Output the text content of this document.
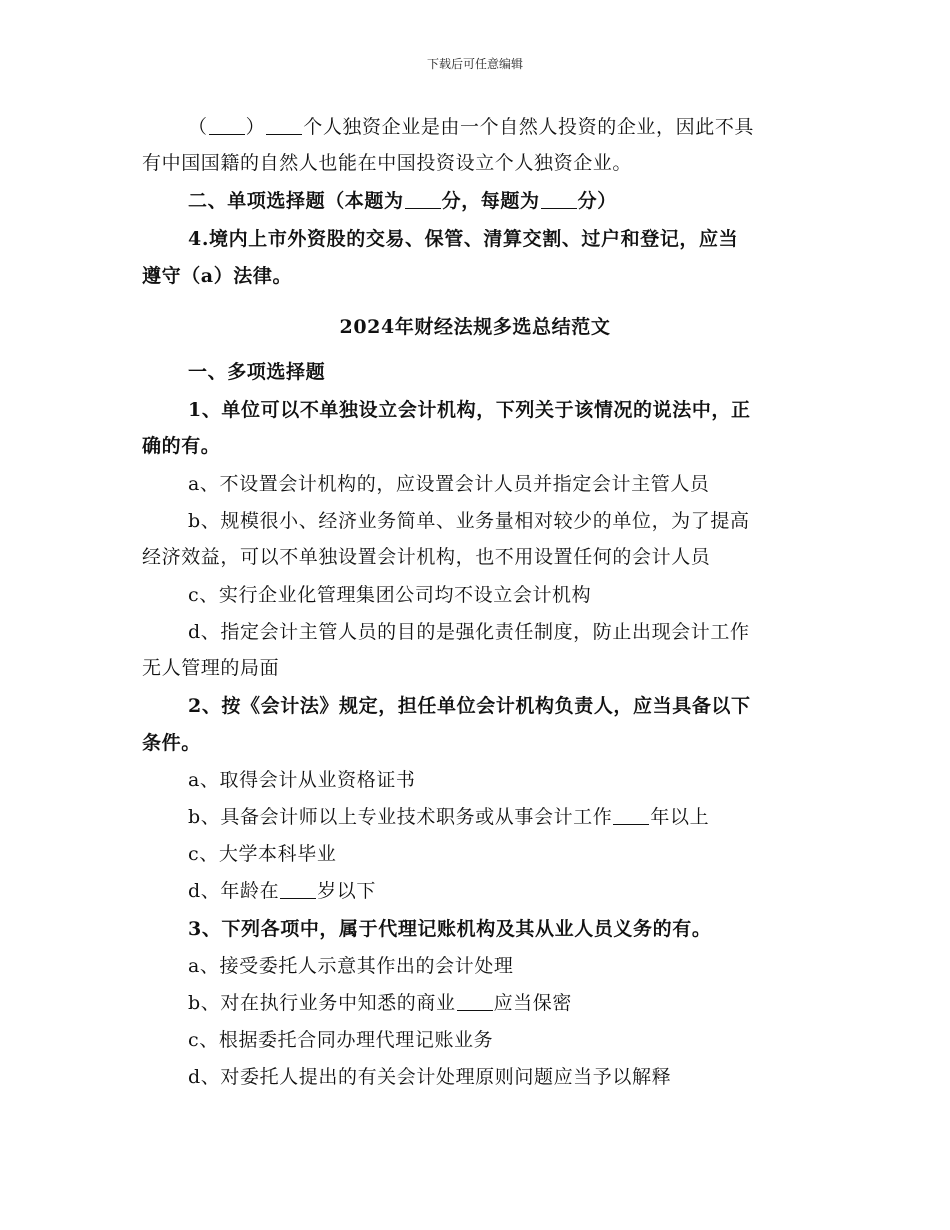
下载后可任意编辑
（ ） 个人独资企业是由一个自然人投资的企业，因此不具
有中国国籍的自然人也能在中国投资设立个人独资企业。
二、单项选择题（本题为 分，每题为 分）
4.境内上市外资股的交易、保管、清算交割、过户和登记，应当
遵守（a）法律。
2024年财经法规多选总结范文
一、多项选择题
1、单位可以不单独设立会计机构，下列关于该情况的说法中，正
确的有。
a、不设置会计机构的，应设置会计人员并指定会计主管人员
b、规模很小、经济业务简单、业务量相对较少的单位，为了提高
经济效益，可以不单独设置会计机构，也不用设置任何的会计人员
c、实行企业化管理集团公司均不设立会计机构
d、指定会计主管人员的目的是强化责任制度，防止出现会计工作
无人管理的局面
2、按《会计法》规定，担任单位会计机构负责人，应当具备以下
条件。
a、取得会计从业资格证书
b、具备会计师以上专业技术职务或从事会计工作 年以上
c、大学本科毕业
d、年龄在 岁以下
3、下列各项中，属于代理记账机构及其从业人员义务的有。
a、接受委托人示意其作出的会计处理
b、对在执行业务中知悉的商业 应当保密
c、根据委托合同办理代理记账业务
d、对委托人提出的有关会计处理原则问题应当予以解释
